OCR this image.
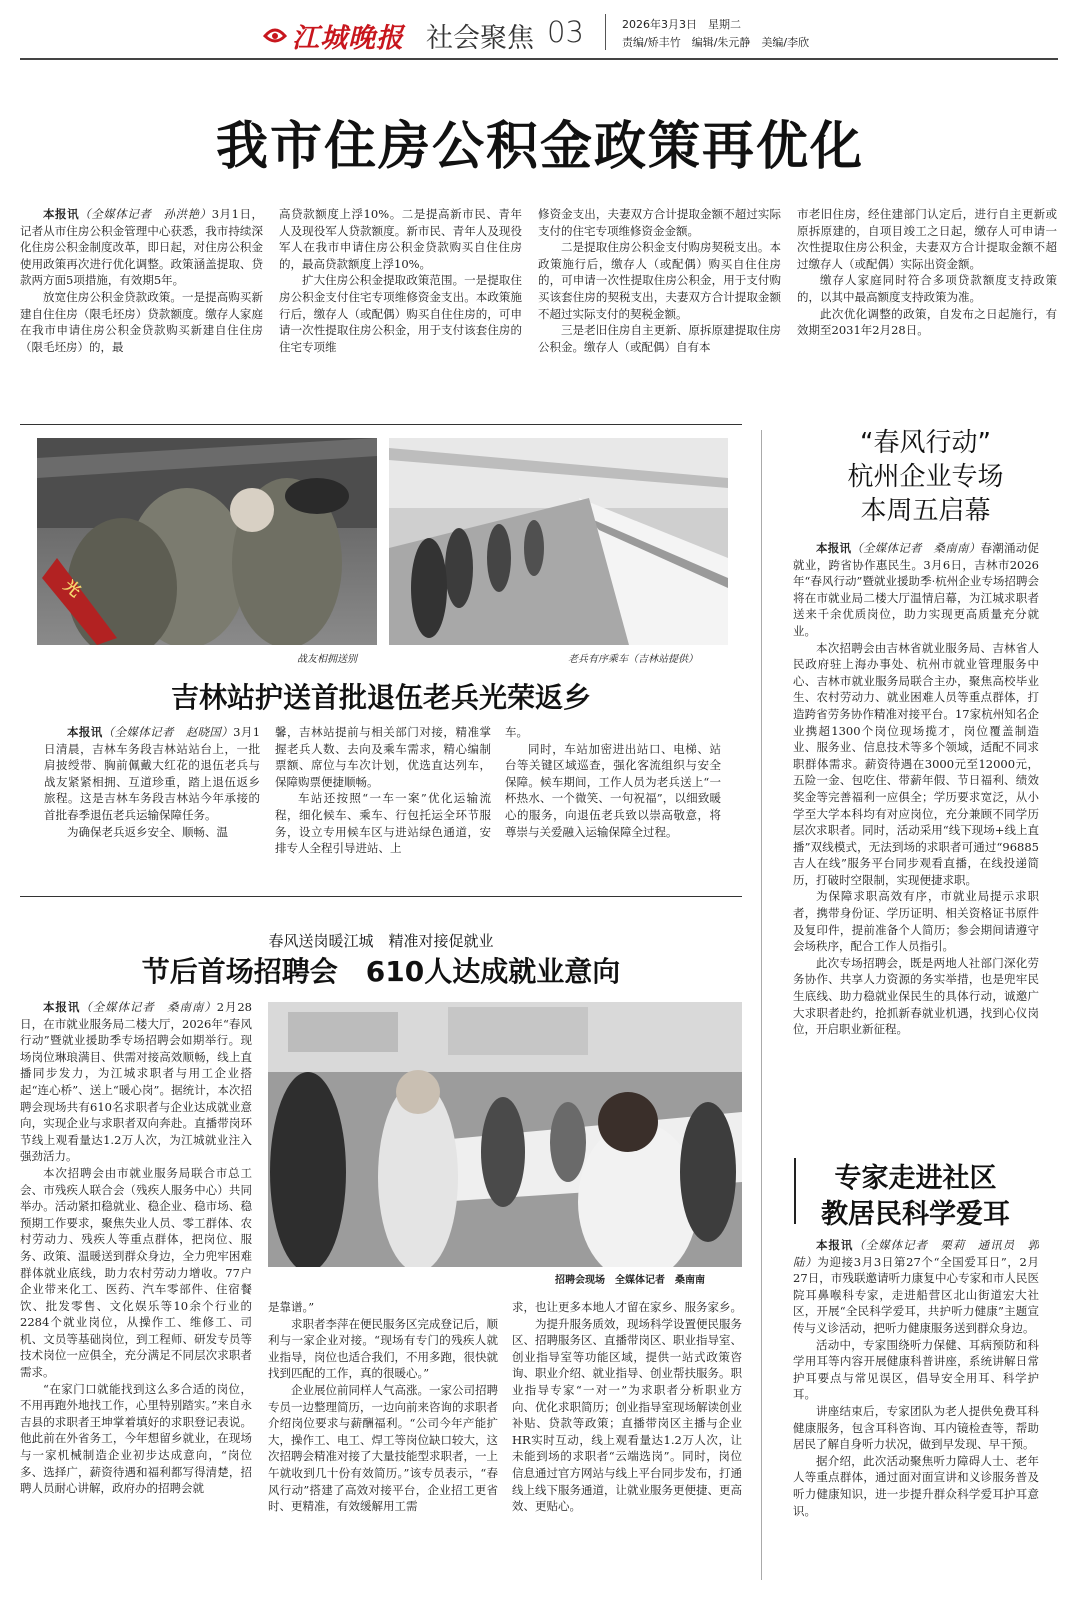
江城晚报 社会聚焦 03	2026年3月3日　星期二
责编/矫丰竹　编辑/朱元静　美编/李欣
我市住房公积金政策再优化

本报讯（全媒体记者　孙洪艳）3月1日，记者从市住房公积金管理中心获悉，我市持续深化住房公积金制度改革，即日起，对住房公积金使用政策再次进行优化调整。政策涵盖提取、贷款两方面5项措施，有效期5年。

放宽住房公积金贷款政策。一是提高购买新建自住住房（限毛坯房）贷款额度。缴存人家庭在我市申请住房公积金贷款购买新建自住住房（限毛坯房）的，最

高贷款额度上浮10%。二是提高新市民、青年人及现役军人贷款额度。新市民、青年人及现役军人在我市申请住房公积金贷款购买自住住房的，最高贷款额度上浮10%。

扩大住房公积金提取政策范围。一是提取住房公积金支付住宅专项维修资金支出。本政策施行后，缴存人（或配偶）购买自住住房的，可申请一次性提取住房公积金，用于支付该套住房的住宅专项维

修资金支出，夫妻双方合计提取金额不超过实际支付的住宅专项维修资金金额。

二是提取住房公积金支付购房契税支出。本政策施行后，缴存人（或配偶）购买自住住房的，可申请一次性提取住房公积金，用于支付购买该套住房的契税支出，夫妻双方合计提取金额不超过实际支付的契税金额。

三是老旧住房自主更新、原拆原建提取住房公积金。缴存人（或配偶）自有本

市老旧住房，经住建部门认定后，进行自主更新或原拆原建的，自项目竣工之日起，缴存人可申请一次性提取住房公积金，夫妻双方合计提取金额不超过缴存人（或配偶）实际出资金额。

缴存人家庭同时符合多项贷款额度支持政策的，以其中最高额度支持政策为准。

此次优化调整的政策，自发布之日起施行，有效期至2031年2月28日。

光
战友相拥送别	老兵有序乘车（吉林站提供）
吉林站护送首批退伍老兵光荣返乡

本报讯（全媒体记者　赵晓国）3月1日清晨，吉林车务段吉林站站台上，一批肩披绶带、胸前佩戴大红花的退伍老兵与战友紧紧相拥、互道珍重，踏上退伍返乡旅程。这是吉林车务段吉林站今年承接的首批春季退伍老兵运输保障任务。

为确保老兵返乡安全、顺畅、温

馨，吉林站提前与相关部门对接，精准掌握老兵人数、去向及乘车需求，精心编制票额、席位与车次计划，优选直达列车，保障购票便捷顺畅。

车站还按照“一车一案”优化运输流程，细化候车、乘车、行包托运全环节服务，设立专用候车区与进站绿色通道，安排专人全程引导进站、上

车。

同时，车站加密进出站口、电梯、站台等关键区域巡查，强化客流组织与安全保障。候车期间，工作人员为老兵送上“一杯热水、一个微笑、一句祝福”，以细致暖心的服务，向退伍老兵致以崇高敬意，将尊崇与关爱融入运输保障全过程。

春风送岗暖江城　精准对接促就业
节后首场招聘会　610人达成就业意向

本报讯（全媒体记者　桑南南）2月28日，在市就业服务局二楼大厅，2026年“春风行动”暨就业援助季专场招聘会如期举行。现场岗位琳琅满目、供需对接高效顺畅，线上直播同步发力，为江城求职者与用工企业搭起“连心桥”、送上“暖心岗”。据统计，本次招聘会现场共有610名求职者与企业达成就业意向，实现企业与求职者双向奔赴。直播带岗环节线上观看量达1.2万人次，为江城就业注入强劲活力。

本次招聘会由市就业服务局联合市总工会、市残疾人联合会（残疾人服务中心）共同举办。活动紧扣稳就业、稳企业、稳市场、稳预期工作要求，聚焦失业人员、零工群体、农村劳动力、残疾人等重点群体，把岗位、服务、政策、温暖送到群众身边，全力兜牢困难群体就业底线，助力农村劳动力增收。77户企业带来化工、医药、汽车零部件、住宿餐饮、批发零售、文化娱乐等10余个行业的2284个就业岗位，从操作工、维修工、司机、文员等基础岗位，到工程师、研发专员等技术岗位一应俱全，充分满足不同层次求职者需求。

“在家门口就能找到这么多合适的岗位，不用再跑外地找工作，心里特别踏实。”来自永吉县的求职者王坤掌着填好的求职登记表说。他此前在外省务工，今年想留乡就业，在现场与一家机械制造企业初步达成意向，“岗位多、选择广，薪资待遇和福利都写得清楚，招聘人员耐心讲解，政府办的招聘会就

招聘会现场　 全媒体记者　桑南南

是靠谱。”

求职者李萍在便民服务区完成登记后，顺利与一家企业对接。“现场有专门的残疾人就业指导，岗位也适合我们，不用多跑，很快就找到匹配的工作，真的很暖心。”

企业展位前同样人气高涨。一家公司招聘专员一边整理简历，一边向前来咨询的求职者介绍岗位要求与薪酬福利。“公司今年产能扩大，操作工、电工、焊工等岗位缺口较大，这次招聘会精准对接了大量技能型求职者，一上午就收到几十份有效简历。”该专员表示，“春风行动”搭建了高效对接平台，企业招工更省时、更精准，有效缓解用工需

求，也让更多本地人才留在家乡、服务家乡。

为提升服务质效，现场科学设置便民服务区、招聘服务区、直播带岗区、职业指导室、创业指导室等功能区域，提供一站式政策咨询、职业介绍、就业指导、创业帮扶服务。职业指导专家“一对一”为求职者分析职业方向、优化求职简历；创业指导室现场解读创业补贴、贷款等政策；直播带岗区主播与企业HR实时互动，线上观看量达1.2万人次，让未能到场的求职者“云端选岗”。同时，岗位信息通过官方网站与线上平台同步发布，打通线上线下服务通道，让就业服务更便捷、更高效、更贴心。

“春风行动”
杭州企业专场
本周五启幕

本报讯（全媒体记者　桑南南）春潮涌动促就业，跨省协作惠民生。3月6日，吉林市2026年“春风行动”暨就业援助季·杭州企业专场招聘会将在市就业局二楼大厅温情启幕，为江城求职者送来千余优质岗位，助力实现更高质量充分就业。

本次招聘会由吉林省就业服务局、吉林省人民政府驻上海办事处、杭州市就业管理服务中心、吉林市就业服务局联合主办，聚焦高校毕业生、农村劳动力、就业困难人员等重点群体，打造跨省劳务协作精准对接平台。17家杭州知名企业携超1300个岗位现场揽才，岗位覆盖制造业、服务业、信息技术等多个领域，适配不同求职群体需求。薪资待遇在3000元至12000元，五险一金、包吃住、带薪年假、节日福利、绩效奖金等完善福利一应俱全；学历要求宽泛，从小学至大学本科均有对应岗位，充分兼顾不同学历层次求职者。同时，活动采用“线下现场+线上直播”双线模式，无法到场的求职者可通过“96885吉人在线”服务平台同步观看直播，在线投递简历，打破时空限制，实现便捷求职。

为保障求职高效有序，市就业局提示求职者，携带身份证、学历证明、相关资格证书原件及复印件，提前准备个人简历；参会期间请遵守会场秩序，配合工作人员指引。

此次专场招聘会，既是两地人社部门深化劳务协作、共享人力资源的务实举措，也是兜牢民生底线、助力稳就业保民生的具体行动，诚邀广大求职者赴约，抢抓新春就业机遇，找到心仪岗位，开启职业新征程。

专家走进社区
教居民科学爱耳

本报讯（全媒体记者　栗莉　通讯员　郭陆）为迎接3月3日第27个“全国爱耳日”，2月27日，市残联邀请听力康复中心专家和市人民医院耳鼻喉科专家，走进船营区北山街道宏大社区，开展“全民科学爱耳，共护听力健康”主题宣传与义诊活动，把听力健康服务送到群众身边。

活动中，专家围绕听力保健、耳病预防和科学用耳等内容开展健康科普讲座，系统讲解日常护耳要点与常见误区，倡导安全用耳、科学护耳。

讲座结束后，专家团队为老人提供免费耳科健康服务，包含耳科咨询、耳内镜检查等，帮助居民了解自身听力状况，做到早发现、早干预。

据介绍，此次活动聚焦听力障碍人士、老年人等重点群体，通过面对面宣讲和义诊服务普及听力健康知识，进一步提升群众科学爱耳护耳意识。
